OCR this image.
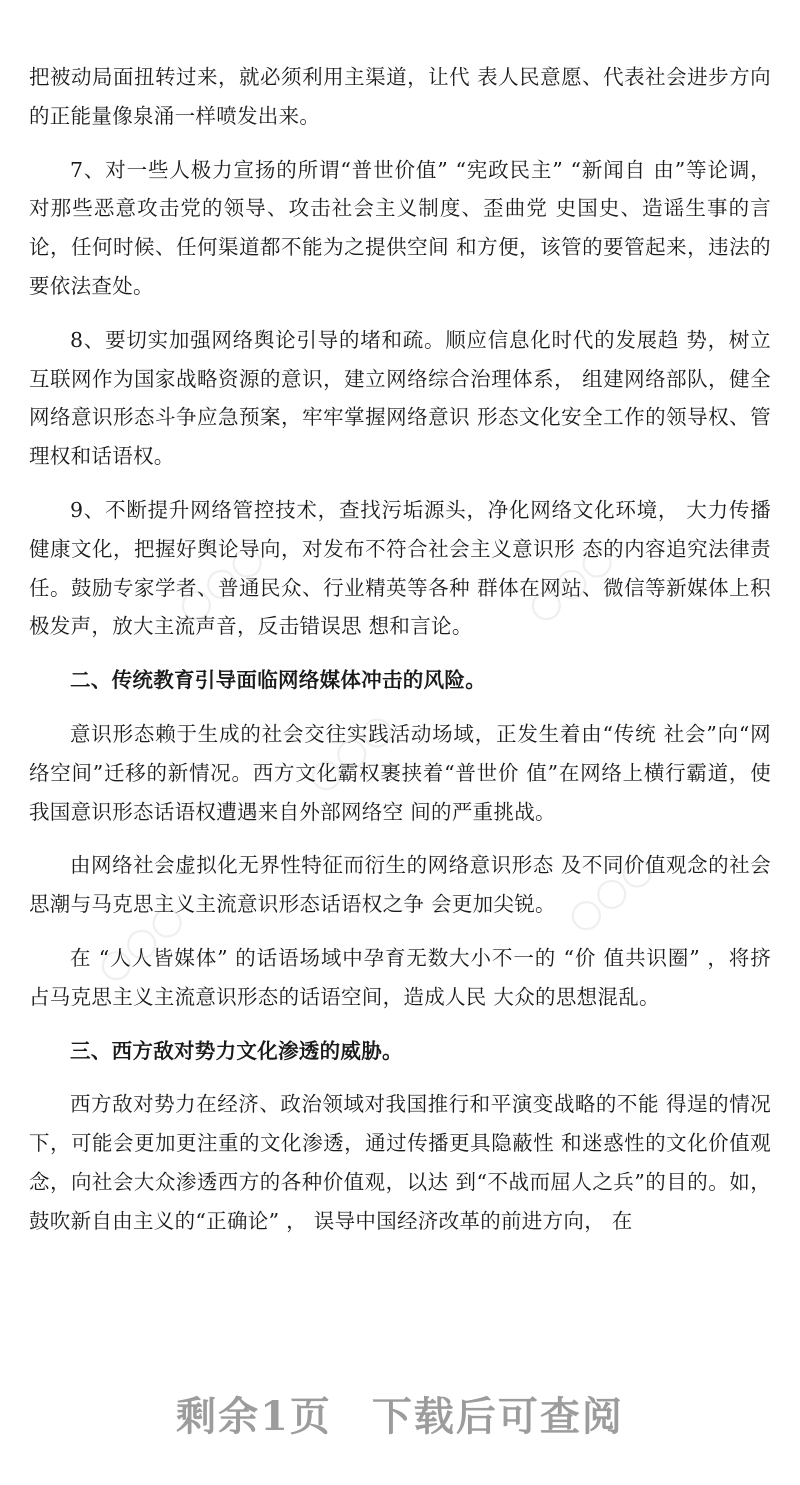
○○○	○○○
○○○
○○○
○○○

把被动局面扭转过来，就必须利用主渠道，让代 表人民意愿、代表社会进步方向的正能量像泉涌一样喷发出来。

7、对一些人极力宣扬的所谓“普世价值” “宪政民主” “新闻自 由”等论调，对那些恶意攻击党的领导、攻击社会主义制度、歪曲党 史国史、造谣生事的言论，任何时候、任何渠道都不能为之提供空间 和方便，该管的要管起来，违法的要依法查处。

8、要切实加强网络舆论引导的堵和疏。顺应信息化时代的发展趋 势，树立互联网作为国家战略资源的意识，建立网络综合治理体系， 组建网络部队，健全网络意识形态斗争应急预案，牢牢掌握网络意识 形态文化安全工作的领导权、管理权和话语权。

9、不断提升网络管控技术，查找污垢源头，净化网络文化环境， 大力传播健康文化，把握好舆论导向，对发布不符合社会主义意识形 态的内容追究法律责任。鼓励专家学者、普通民众、行业精英等各种 群体在网站、微信等新媒体上积极发声，放大主流声音，反击错误思 想和言论。

二、传统教育引导面临网络媒体冲击的风险。

意识形态赖于生成的社会交往实践活动场域，正发生着由“传统 社会”向“网络空间”迁移的新情况。西方文化霸权裹挟着“普世价 值”在网络上横行霸道，使我国意识形态话语权遭遇来自外部网络空 间的严重挑战。

由网络社会虚拟化无界性特征而衍生的网络意识形态 及不同价值观念的社会思潮与马克思主义主流意识形态话语权之争 会更加尖锐。

在 “人人皆媒体” 的话语场域中孕育无数大小不一的 “价 值共识圈” ，将挤占马克思主义主流意识形态的话语空间，造成人民 大众的思想混乱。

三、西方敌对势力文化渗透的威胁。

西方敌对势力在经济、政治领域对我国推行和平演变战略的不能 得逞的情况下，可能会更加更注重的文化渗透，通过传播更具隐蔽性 和迷惑性的文化价值观念，向社会大众渗透西方的各种价值观，以达 到“不战而屈人之兵”的目的。如，鼓吹新自由主义的“正确论” ， 误导中国经济改革的前进方向， 在

剩余1页 下载后可查阅
